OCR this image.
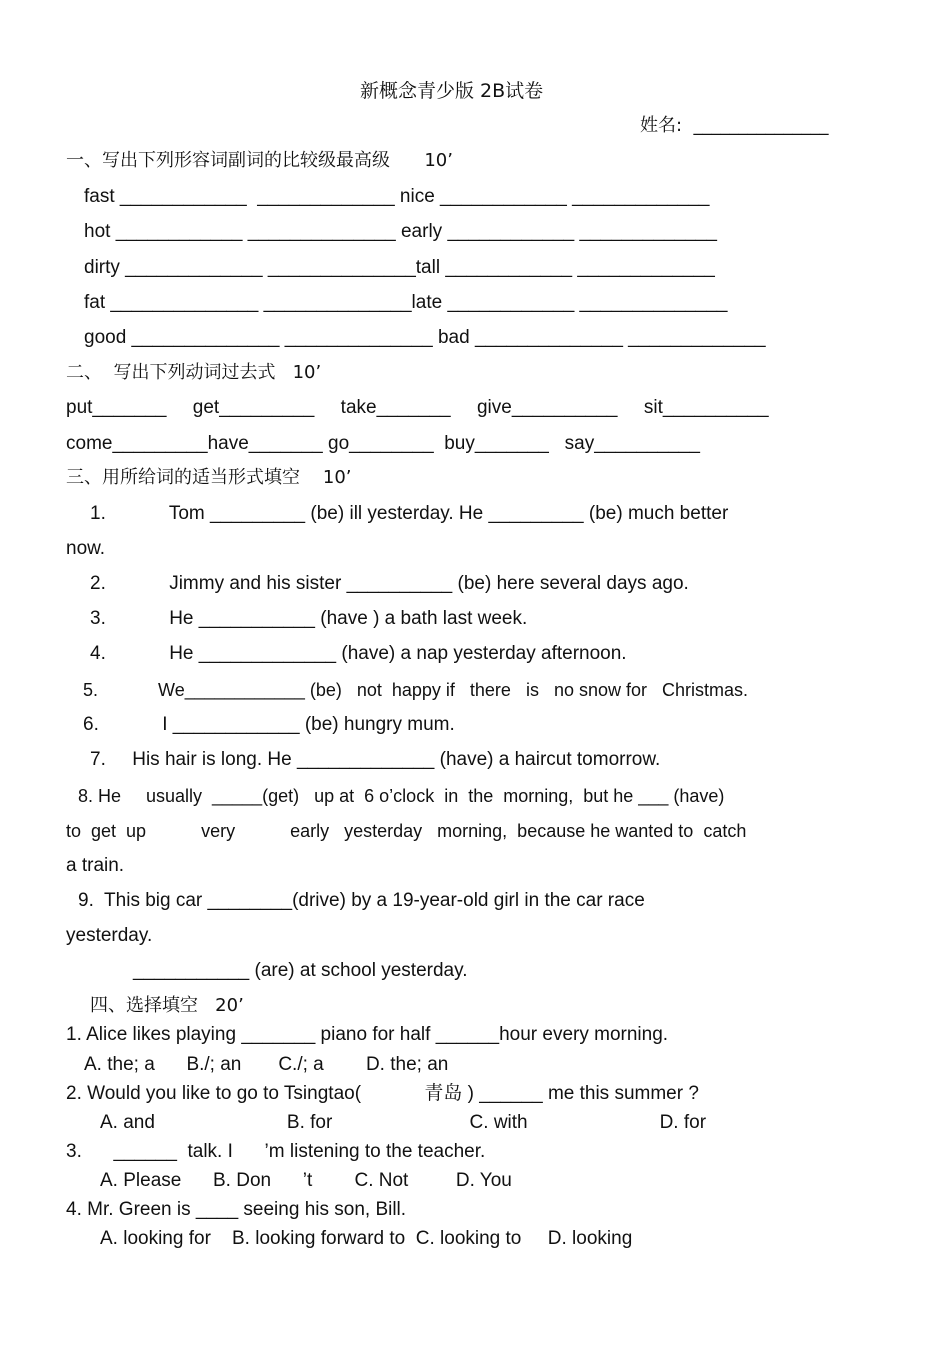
新概念青少版 2B试卷
姓名:  _______________
一、写出下列形容词副词的比较级最高级      10’
fast ____________  _____________ nice ____________ _____________
hot ____________ ______________ early ____________ _____________
dirty _____________ ______________tall ____________ _____________
fat ______________ ______________late ____________ ______________
good ______________ ______________ bad ______________ _____________
二、  写出下列动词过去式   10’
put_______     get_________     take_______     give__________     sit__________
come_________have_______ go________  buy_______   say__________
三、用所给词的适当形式填空    10’
1.            Tom _________ (be) ill yesterday. He _________ (be) much better
now.
2.            Jimmy and his sister __________ (be) here several days ago.
3.            He ___________ (have ) a bath last week.
4.            He _____________ (have) a nap yesterday afternoon.
5.            We____________ (be)   not  happy if   there   is   no snow for   Christmas.
6.            I ____________ (be) hungry mum.
7.     His hair is long. He _____________ (have) a haircut tomorrow.
8. He     usually  _____(get)   up at  6 o’clock  in  the  morning,  but he ___ (have)
to  get  up           very           early   yesterday   morning,  because he wanted to  catch
a train.
9.  This big car ________(drive) by a 19-year-old girl in the car race
yesterday.
___________ (are) at school yesterday.
四、选择填空   20’
1. Alice likes playing _______ piano for half ______hour every morning.
A. the; a      B./; an       C./; a        D. the; an
2. Would you like to go to Tsingtao(            青岛 ) ______ me this summer ?
A. and                         B. for                          C. with                         D. for
3.      ______  talk. I      ’m listening to the teacher.
A. Please      B. Don      ’t        C. Not         D. You
4. Mr. Green is ____ seeing his son, Bill.
A. looking for    B. looking forward to  C. looking to     D. looking
